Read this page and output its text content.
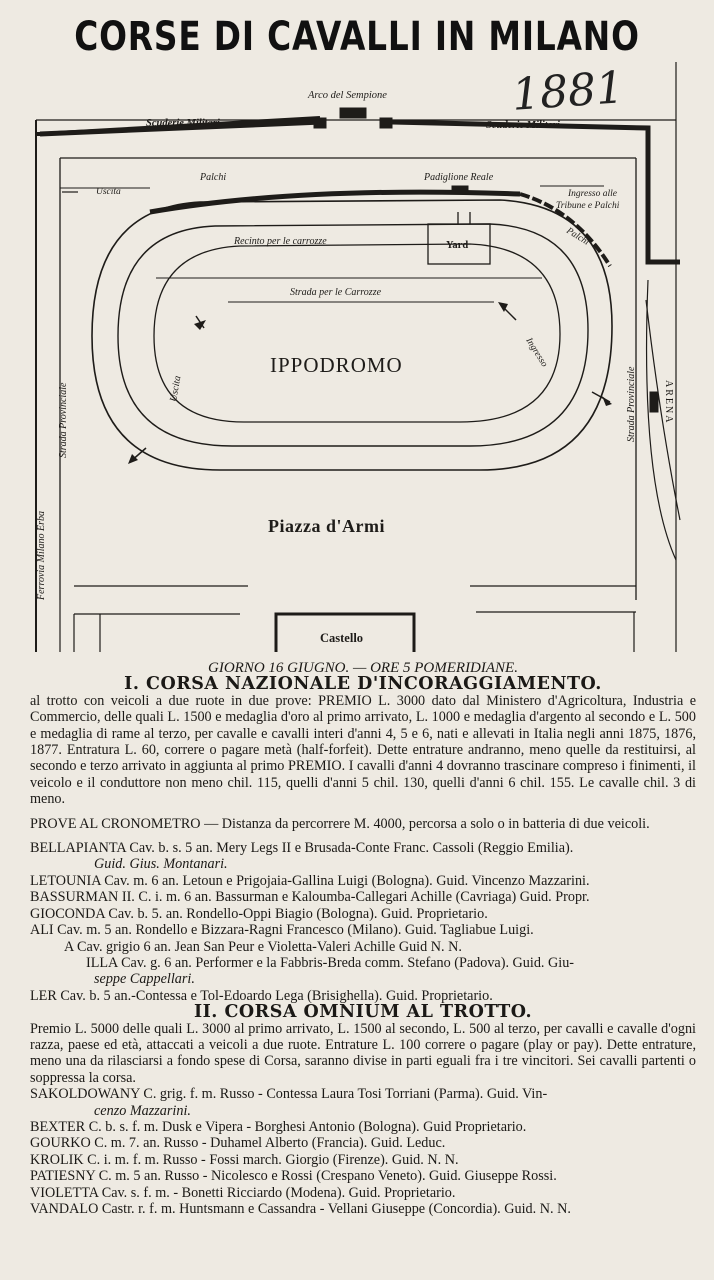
CORSE DI CAVALLI IN MILANO
1881
Arco del Sempione
Scuderie Militari	Scuderie Militari
Palchi	Padiglione Reale
Uscita	Ingresso alle
Tribune e Palchi
Palchi
Recinto per le carrozze	Yard
Strada per le Carrozze
IPPODROMO
Uscita
Ingresso
Strada Provinciale	Strada Provinciale
Ferrovia Milano Erba
ARENA
Piazza d'Armi
Castello

GIORNO 16 GIUGNO. — ORE 5 POMERIDIANE.

I. CORSA NAZIONALE D'INCORAGGIAMENTO.

al trotto con veicoli a due ruote in due prove: PREMIO L. 3000 dato dal Ministero d'Agricoltura, Industria e Commercio, delle quali L. 1500 e medaglia d'oro al primo arrivato, L. 1000 e medaglia d'argento al secondo e L. 500 e medaglia di rame al terzo, per cavalle e cavalli interi d'anni 4, 5 e 6, nati e allevati in Italia negli anni 1875, 1876, 1877. Entratura L. 60, correre o pagare metà (half-forfeit). Dette entrature andranno, meno quelle da restituirsi, al secondo e terzo arrivato in aggiunta al primo PREMIO. I cavalli d'anni 4 dovranno trascinare compreso i finimenti, il veicolo e il conduttore non meno chil. 115, quelli d'anni 5 chil. 130, quelli d'anni 6 chil. 155. Le cavalle chil. 3 di meno.

PROVE AL CRONOMETRO — Distanza da percorrere M. 4000, percorsa a solo o in batteria di due veicoli.

BELLAPIANTA Cav. b. s. 5 an. Mery Legs II e Brusada-Conte Franc. Cassoli (Reggio Emilia).

Guid. Gius. Montanari.

LETOUNIA Cav. m. 6 an. Letoun e Prigojaia-Gallina Luigi (Bologna). Guid. Vincenzo Mazzarini.

BASSURMAN II. C. i. m. 6 an. Bassurman e Kaloumba-Callegari Achille (Cavriaga) Guid. Propr.

GIOCONDA Cav. b. 5. an. Rondello-Oppi Biagio (Bologna). Guid. Proprietario.

ALI Cav. m. 5 an. Rondello e Bizzara-Ragni Francesco (Milano). Guid. Tagliabue Luigi.

A Cav. grigio 6 an. Jean San Peur e Violetta-Valeri Achille Guid N. N.

ILLA Cav. g. 6 an. Performer e la Fabbris-Breda comm. Stefano (Padova). Guid. Giu-

seppe Cappellari.

LER Cav. b. 5 an.-Contessa e Tol-Edoardo Lega (Brisighella). Guid. Proprietario.

II. CORSA OMNIUM AL TROTTO.

Premio L. 5000 delle quali L. 3000 al primo arrivato, L. 1500 al secondo, L. 500 al terzo, per cavalli e cavalle d'ogni razza, paese ed età, attaccati a veicoli a due ruote. Entrature L. 100 correre o pagare (play or pay). Dette entrature, meno una da rilasciarsi a fondo spese di Corsa, saranno divise in parti eguali fra i tre vincitori. Sei cavalli partenti o soppressa la corsa.

SAKOLDOWANY C. grig. f. m. Russo - Contessa Laura Tosi Torriani (Parma). Guid. Vin-

cenzo Mazzarini.

BEXTER C. b. s. f. m. Dusk e Vipera - Borghesi Antonio (Bologna). Guid Proprietario.

GOURKO C. m. 7. an. Russo - Duhamel Alberto (Francia). Guid. Leduc.

KROLIK C. i. m. f. m. Russo - Fossi march. Giorgio (Firenze). Guid. N. N.

PATIESNY C. m. 5 an. Russo - Nicolesco e Rossi (Crespano Veneto). Guid. Giuseppe Rossi.

VIOLETTA Cav. s. f. m. - Bonetti Ricciardo (Modena). Guid. Proprietario.

VANDALO Castr. r. f. m. Huntsmann e Cassandra - Vellani Giuseppe (Concordia). Guid. N. N.
